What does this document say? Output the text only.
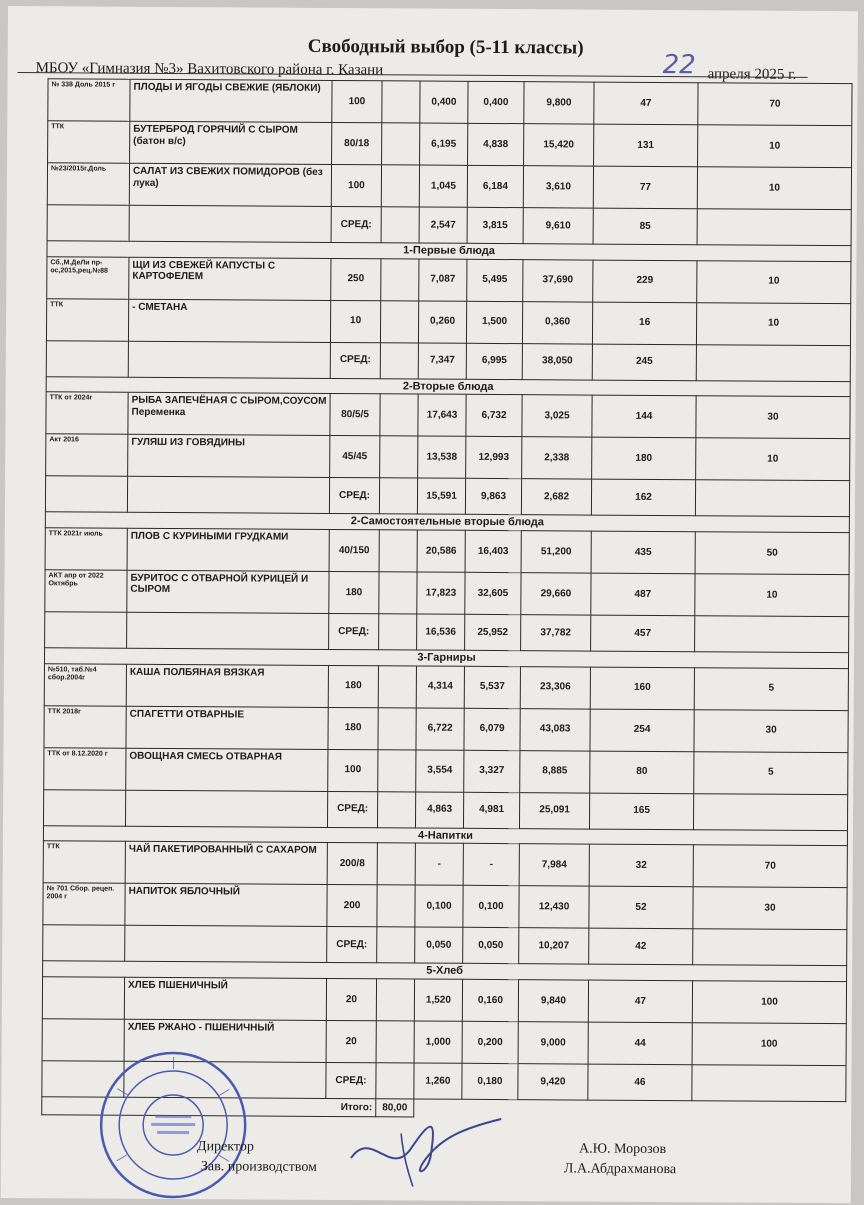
Свободный выбор (5-11 классы)
22
МБОУ «Гимназия №3» Вахитовского района г. Казани	апреля 2025 г.
№ 338 Доль 2015 г	ПЛОДЫ И ЯГОДЫ СВЕЖИЕ (ЯБЛОКИ)	100		0,400	0,400	9,800	47	70
ТТК	БУТЕРБРОД ГОРЯЧИЙ С СЫРОМ (батон в/с)	80/18		6,195	4,838	15,420	131	10
№23/2015г.Доль	САЛАТ ИЗ СВЕЖИХ ПОМИДОРОВ (без лука)	100		1,045	6,184	3,610	77	10
		СРЕД:		2,547	3,815	9,610	85	
1-Первые блюда								
Сб.,М.ДеЛи пр-ос,2015,рец.№88	ЩИ ИЗ СВЕЖЕЙ КАПУСТЫ С КАРТОФЕЛЕМ	250		7,087	5,495	37,690	229	10
ТТК	- СМЕТАНА	10		0,260	1,500	0,360	16	10
		СРЕД:		7,347	6,995	38,050	245	
2-Вторые блюда								
ТТК от 2024г	РЫБА ЗАПЕЧЁНАЯ С СЫРОМ,СОУСОМ Переменка	80/5/5		17,643	6,732	3,025	144	30
Акт 2016	ГУЛЯШ ИЗ ГОВЯДИНЫ	45/45		13,538	12,993	2,338	180	10
		СРЕД:		15,591	9,863	2,682	162	
2-Самостоятельные вторые блюда								
ТТК 2021г июль	ПЛОВ С КУРИНЫМИ ГРУДКАМИ	40/150		20,586	16,403	51,200	435	50
АКТ апр от 2022 Октябрь	БУРИТОС С ОТВАРНОЙ КУРИЦЕЙ И СЫРОМ	180		17,823	32,605	29,660	487	10
		СРЕД:		16,536	25,952	37,782	457	
3-Гарниры								
№510, таб.№4 сбор.2004г	КАША ПОЛБЯНАЯ ВЯЗКАЯ	180		4,314	5,537	23,306	160	5
ТТК 2018г	СПАГЕТТИ ОТВАРНЫЕ	180		6,722	6,079	43,083	254	30
ТТК от 8.12.2020 г	ОВОЩНАЯ СМЕСЬ ОТВАРНАЯ	100		3,554	3,327	8,885	80	5
		СРЕД:		4,863	4,981	25,091	165	
4-Напитки								
ТТК	ЧАЙ ПАКЕТИРОВАННЫЙ С САХАРОМ	200/8		-	-	7,984	32	70
№ 701 Сбор. рецеп. 2004 г	НАПИТОК ЯБЛОЧНЫЙ	200		0,100	0,100	12,430	52	30
		СРЕД:		0,050	0,050	10,207	42	
5-Хлеб								
	ХЛЕБ ПШЕНИЧНЫЙ	20		1,520	0,160	9,840	47	100
	ХЛЕБ РЖАНО - ПШЕНИЧНЫЙ	20		1,000	0,200	9,000	44	100
		СРЕД:		1,260	0,180	9,420	46	
Итого:			80,00					
Директор	А.Ю. Морозов
Зав. производством	Л.А.Абдрахманова
